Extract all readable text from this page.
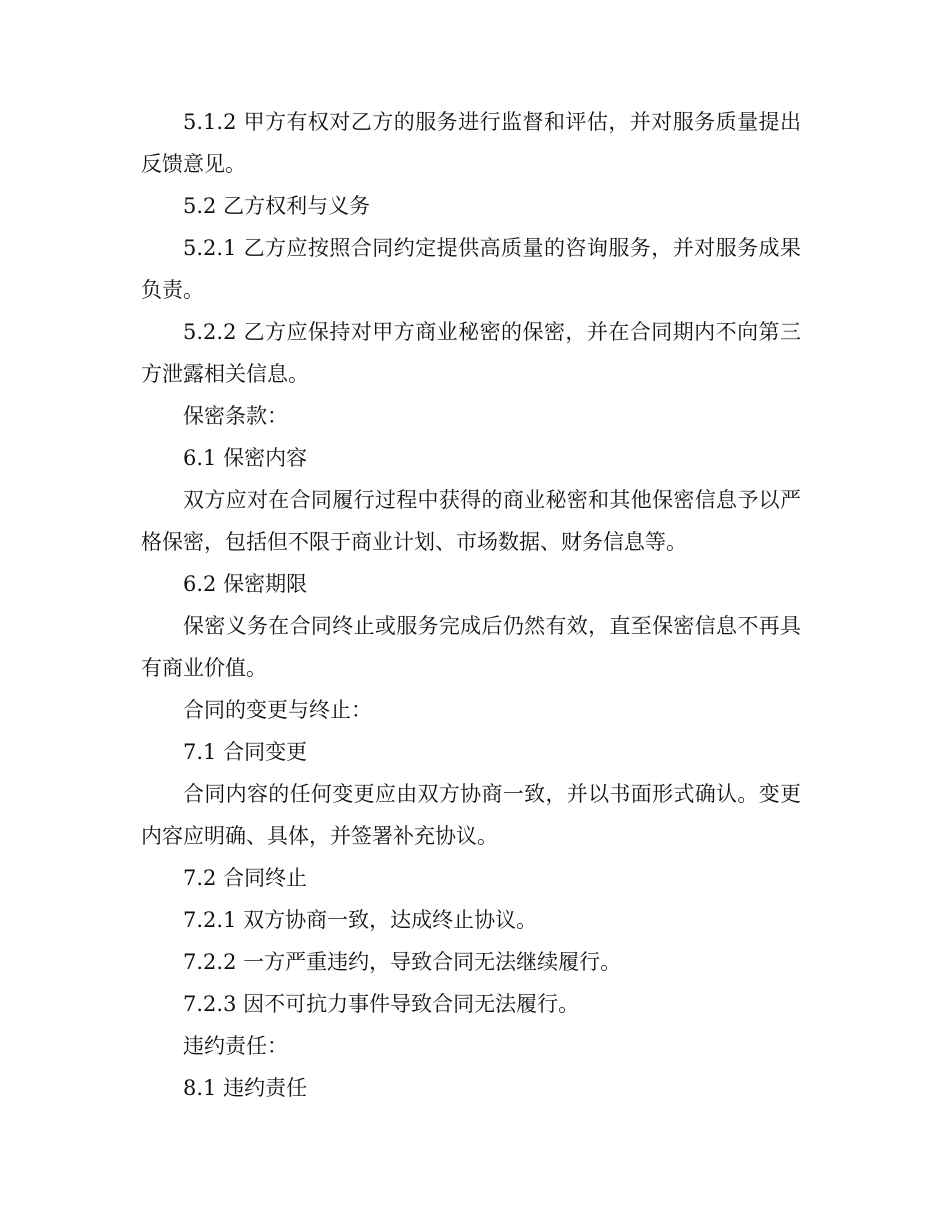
5.1.2 甲方有权对乙方的服务进行监督和评估，并对服务质量提出反馈意见。

5.2 乙方权利与义务

5.2.1 乙方应按照合同约定提供高质量的咨询服务，并对服务成果负责。

5.2.2 乙方应保持对甲方商业秘密的保密，并在合同期内不向第三方泄露相关信息。

保密条款：

6.1 保密内容

双方应对在合同履行过程中获得的商业秘密和其他保密信息予以严格保密，包括但不限于商业计划、市场数据、财务信息等。

6.2 保密期限

保密义务在合同终止或服务完成后仍然有效，直至保密信息不再具有商业价值。

合同的变更与终止：

7.1 合同变更

合同内容的任何变更应由双方协商一致，并以书面形式确认。变更内容应明确、具体，并签署补充协议。

7.2 合同终止

7.2.1 双方协商一致，达成终止协议。

7.2.2 一方严重违约，导致合同无法继续履行。

7.2.3 因不可抗力事件导致合同无法履行。

违约责任：

8.1 违约责任
